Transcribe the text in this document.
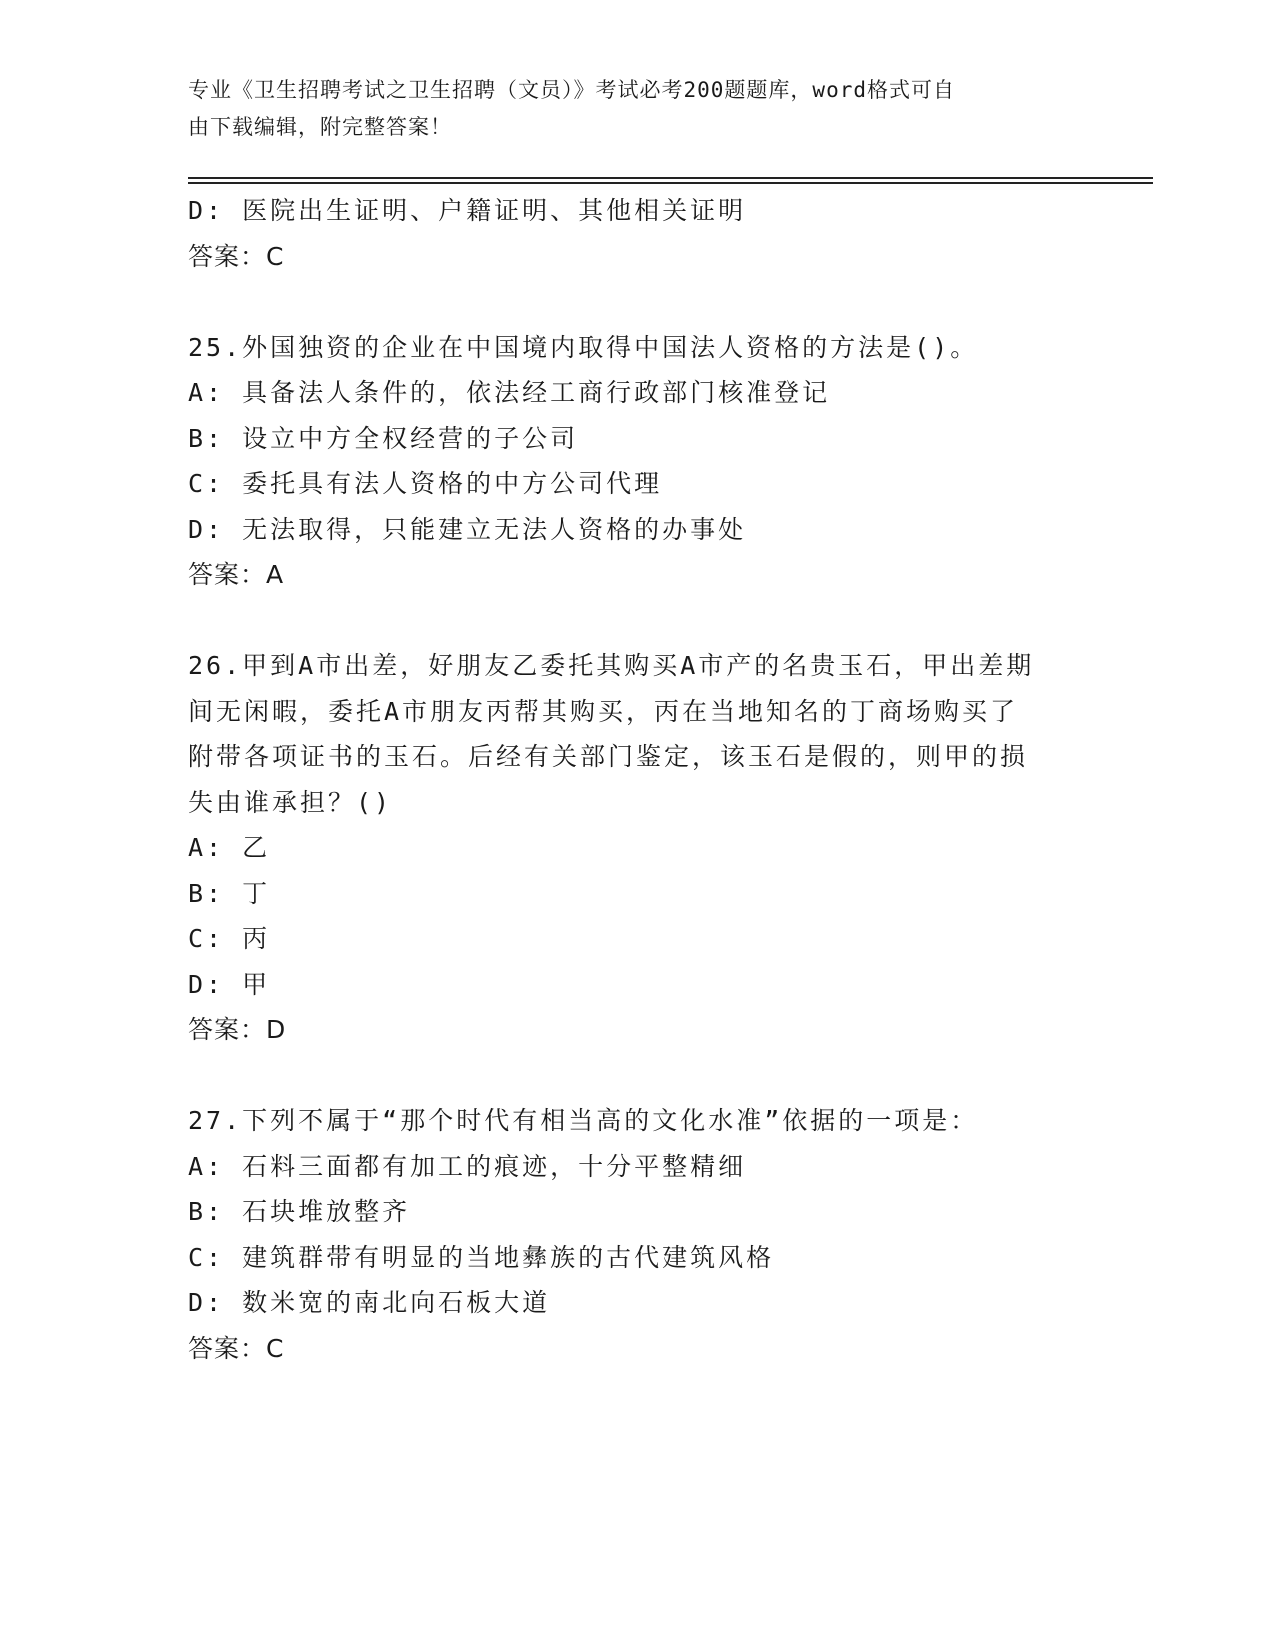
专业《卫生招聘考试之卫生招聘（文员）》考试必考200题题库，word格式可自
由下载编辑，附完整答案！
D: 医院出生证明、户籍证明、其他相关证明
答案：C
25.外国独资的企业在中国境内取得中国法人资格的方法是()。
A: 具备法人条件的，依法经工商行政部门核准登记
B: 设立中方全权经营的子公司
C: 委托具有法人资格的中方公司代理
D: 无法取得，只能建立无法人资格的办事处
答案：A
26.甲到A市出差，好朋友乙委托其购买A市产的名贵玉石，甲出差期
间无闲暇，委托A市朋友丙帮其购买，丙在当地知名的丁商场购买了
附带各项证书的玉石。后经有关部门鉴定，该玉石是假的，则甲的损
失由谁承担？()
A: 乙
B: 丁
C: 丙
D: 甲
答案：D
27.下列不属于“那个时代有相当高的文化水准”依据的一项是：
A: 石料三面都有加工的痕迹，十分平整精细
B: 石块堆放整齐
C: 建筑群带有明显的当地彝族的古代建筑风格
D: 数米宽的南北向石板大道
答案：C
